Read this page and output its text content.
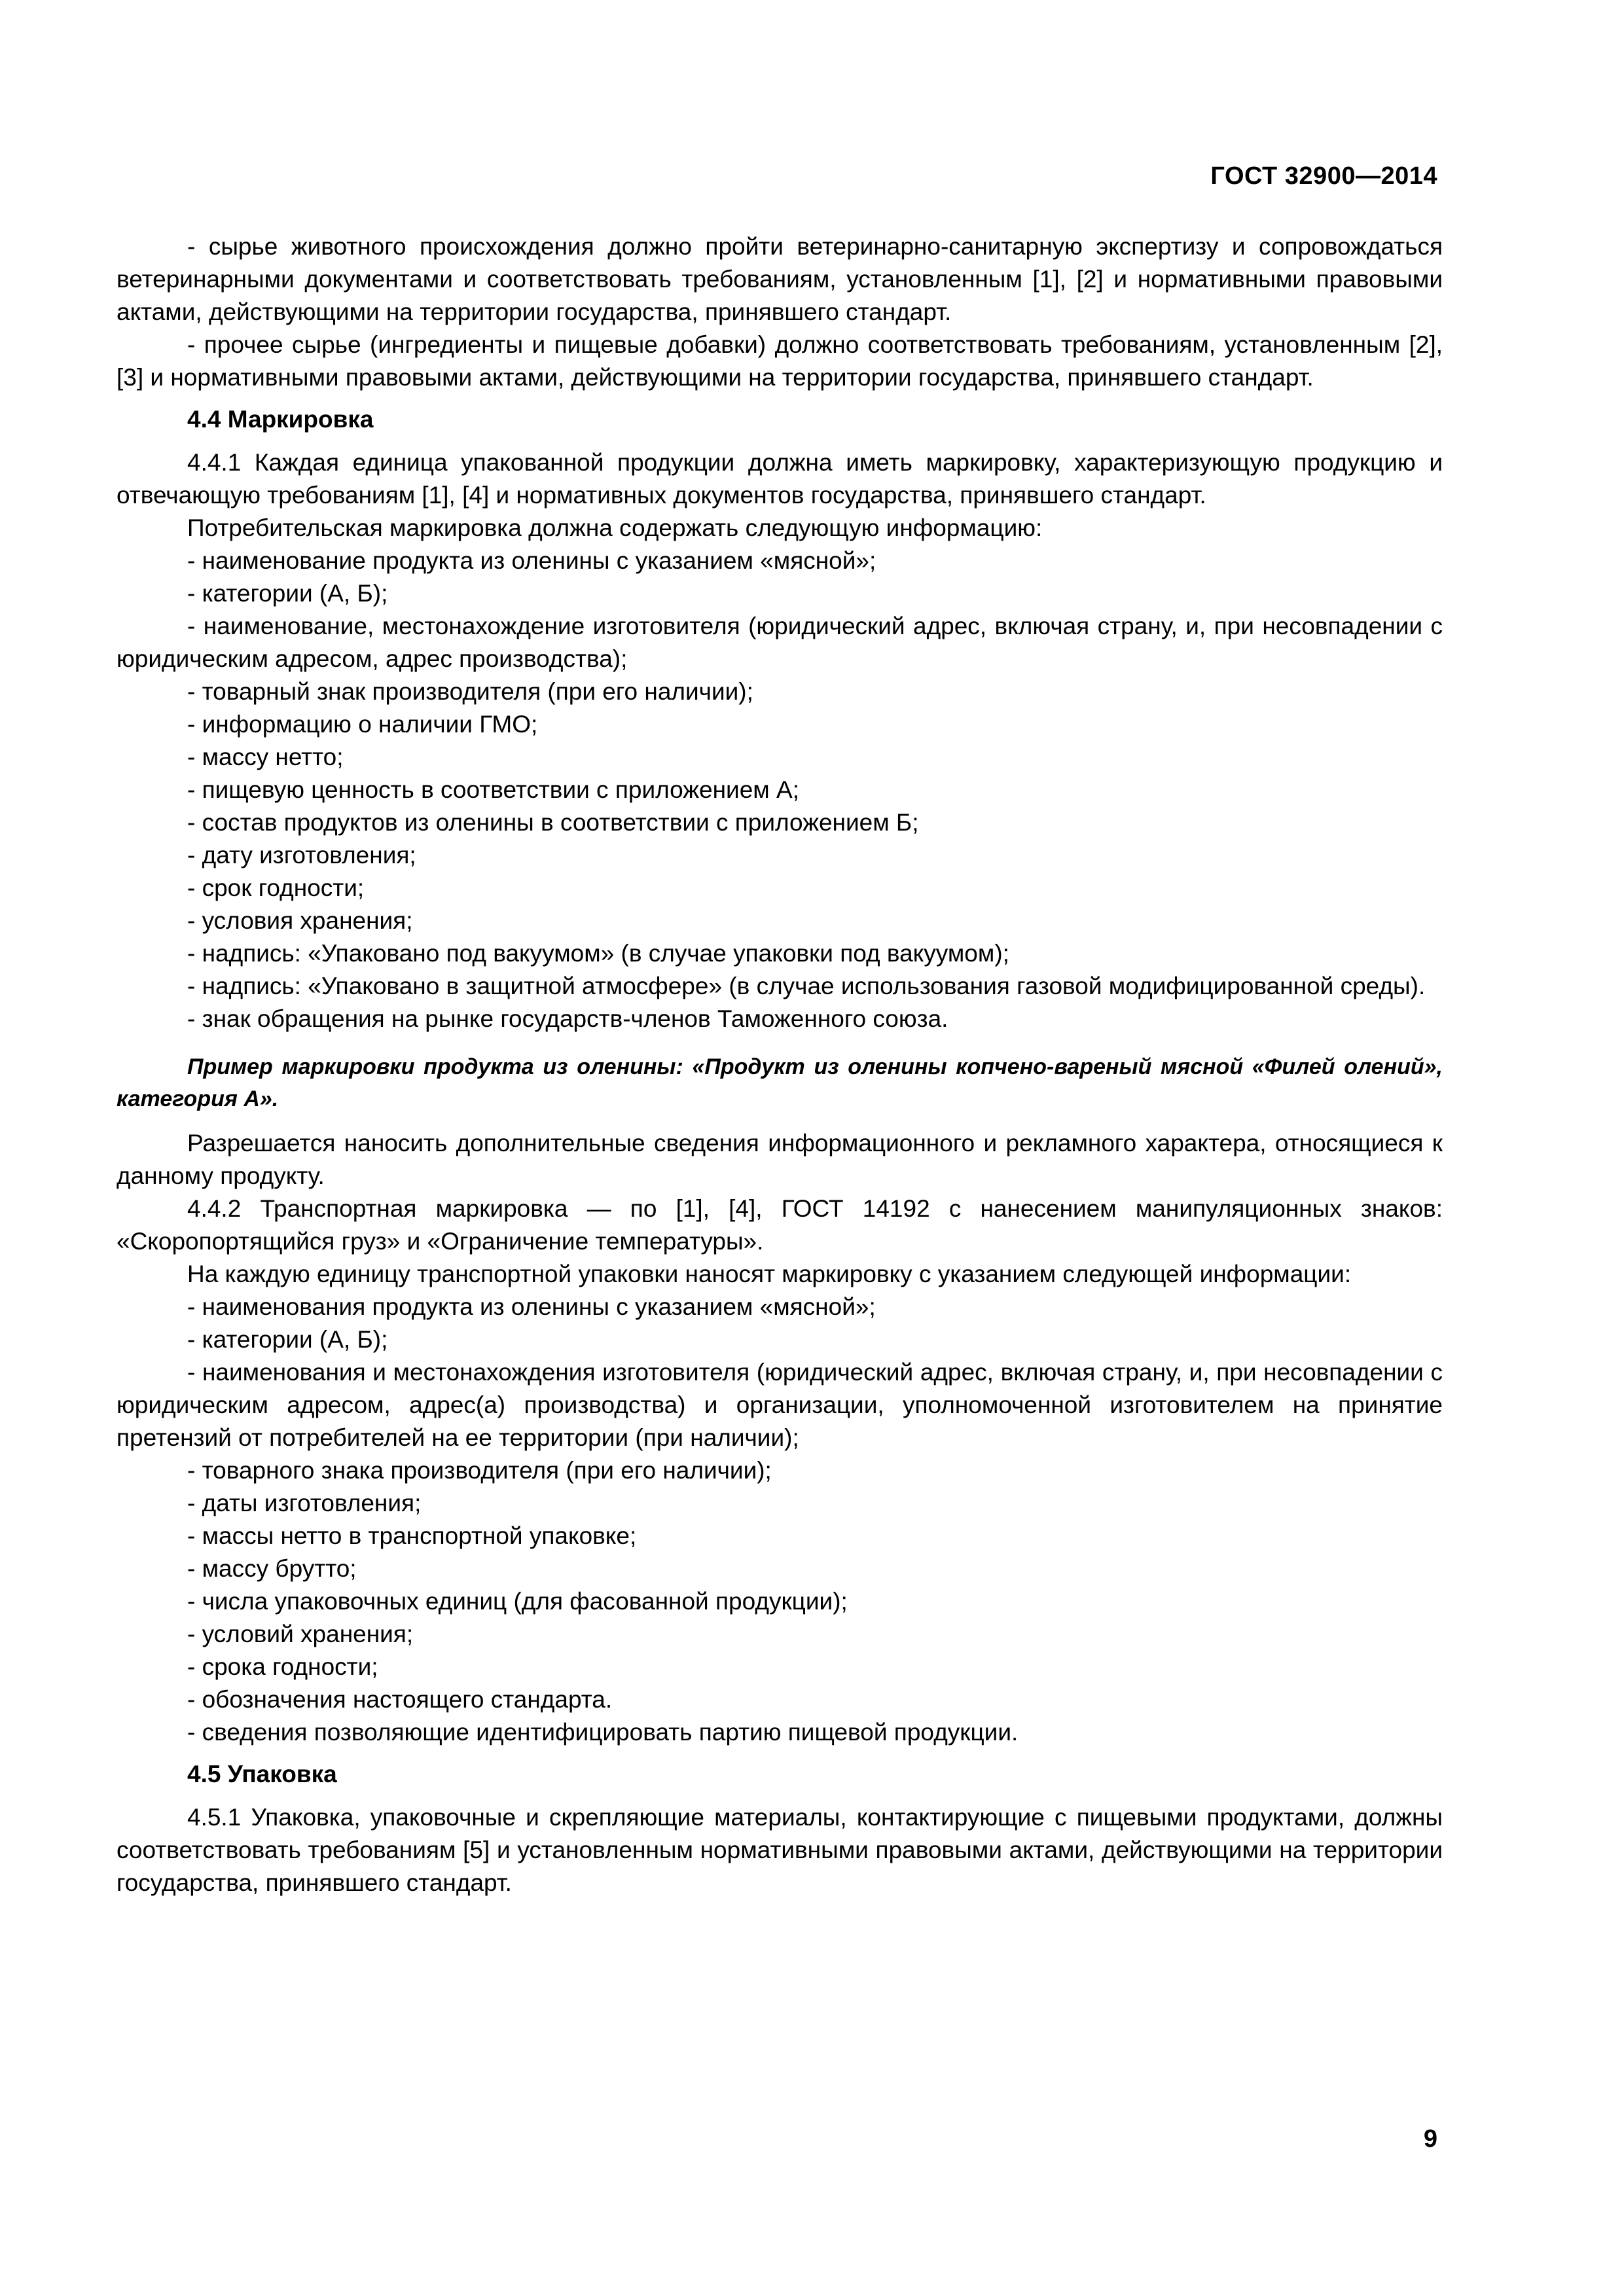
ГОСТ 32900—2014

- сырье животного происхождения должно пройти ветеринарно-санитарную экспертизу и сопровождаться ветеринарными документами и соответствовать требованиям, установленным [1], [2] и нормативными правовыми актами, действующими на территории государства, принявшего стандарт.

- прочее сырье (ингредиенты и пищевые добавки) должно соответствовать требованиям, установленным [2], [3] и нормативными правовыми актами, действующими на территории государства, принявшего стандарт.

4.4 Маркировка

4.4.1 Каждая единица упакованной продукции должна иметь маркировку, характеризующую продукцию и отвечающую требованиям [1], [4] и нормативных документов государства, принявшего стандарт.

Потребительская маркировка должна содержать следующую информацию:

- наименование продукта из оленины с указанием «мясной»;

- категории (А, Б);

- наименование, местонахождение изготовителя (юридический адрес, включая страну, и, при несовпадении с юридическим адресом, адрес производства);

- товарный знак производителя (при его наличии);

- информацию о наличии ГМО;

- массу нетто;

- пищевую ценность в соответствии с приложением А;

- состав продуктов из оленины в соответствии с приложением Б;

- дату изготовления;

- срок годности;

- условия хранения;

- надпись: «Упаковано под вакуумом» (в случае упаковки под вакуумом);

- надпись: «Упаковано в защитной атмосфере» (в случае использования газовой модифицированной среды).

- знак обращения на рынке государств-членов Таможенного союза.

Пример маркировки продукта из оленины: «Продукт из оленины копчено-вареный мясной «Филей олений», категория А».

Разрешается наносить дополнительные сведения информационного и рекламного характера, относящиеся к данному продукту.

4.4.2 Транспортная маркировка — по [1], [4], ГОСТ 14192 с нанесением манипуляционных знаков: «Скоропортящийся груз» и «Ограничение температуры».

На каждую единицу транспортной упаковки наносят маркировку с указанием следующей информации:

- наименования продукта из оленины с указанием «мясной»;

- категории (А, Б);

- наименования и местонахождения изготовителя (юридический адрес, включая страну, и, при несовпадении с юридическим адресом, адрес(а) производства) и организации, уполномоченной изготовителем на принятие претензий от потребителей на ее территории (при наличии);

- товарного знака производителя (при его наличии);

- даты изготовления;

- массы нетто в транспортной упаковке;

- массу брутто;

- числа упаковочных единиц (для фасованной продукции);

- условий хранения;

- срока годности;

- обозначения настоящего стандарта.

- сведения позволяющие идентифицировать партию пищевой продукции.

4.5 Упаковка

4.5.1 Упаковка, упаковочные и скрепляющие материалы, контактирующие с пищевыми продуктами, должны соответствовать требованиям [5] и установленным нормативными правовыми актами, действующими на территории государства, принявшего стандарт.

9
